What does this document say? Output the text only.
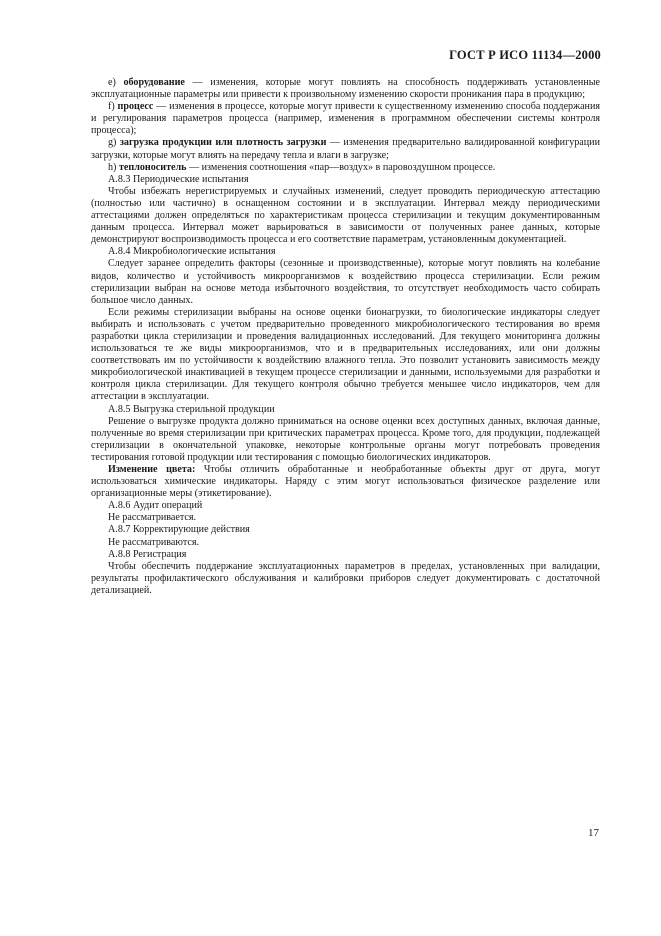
ГОСТ Р ИСО 11134—2000

е) оборудование — изменения, которые могут повлиять на способность поддерживать установленные эксплуатационные параметры или привести к произвольному изменению скорости проникания пара в продукцию;

f) процесс — изменения в процессе, которые могут привести к существенному изменению способа поддержания и регулирования параметров процесса (например, изменения в программном обеспечении системы контроля процесса);

g) загрузка продукции или плотность загрузки — изменения предварительно валидированной конфигурации загрузки, которые могут влиять на передачу тепла и влаги в загрузке;

h) теплоноситель — изменения соотношения «пар—воздух» в паровоздушном процессе.

А.8.3 Периодические испытания

Чтобы избежать нерегистрируемых и случайных изменений, следует проводить периодическую аттестацию (полностью или частично) в оснащенном состоянии и в эксплуатации. Интервал между периодическими аттестациями должен определяться по характеристикам процесса стерилизации и текущим документированным данным процесса. Интервал может варьироваться в зависимости от полученных ранее данных, которые демонстрируют воспроизводимость процесса и его соответствие параметрам, установленным документацией.

А.8.4 Микробиологические испытания

Следует заранее определить факторы (сезонные и производственные), которые могут повлиять на колебание видов, количество и устойчивость микроорганизмов к воздействию процесса стерилизации. Если режим стерилизации выбран на основе метода избыточного воздействия, то отсутствует необходимость часто собирать большое число данных.

Если режимы стерилизации выбраны на основе оценки бионагрузки, то биологические индикаторы следует выбирать и использовать с учетом предварительно проведенного микробиологического тестирования во время разработки цикла стерилизации и проведения валидационных исследований. Для текущего мониторинга должны использоваться те же виды микроорганизмов, что и в предварительных исследованиях, или они должны соответствовать им по устойчивости к воздействию влажного тепла. Это позволит установить зависимость между микробиологической инактивацией в текущем процессе стерилизации и данными, используемыми для разработки и контроля цикла стерилизации. Для текущего контроля обычно требуется меньшее число индикаторов, чем для аттестации в эксплуатации.

А.8.5 Выгрузка стерильной продукции

Решение о выгрузке продукта должно приниматься на основе оценки всех доступных данных, включая данные, полученные во время стерилизации при критических параметрах процесса. Кроме того, для продукции, подлежащей стерилизации в окончательной упаковке, некоторые контрольные органы могут потребовать проведения тестирования готовой продукции или тестирования с помощью биологических индикаторов.

Изменение цвета: Чтобы отличить обработанные и необработанные объекты друг от друга, могут использоваться химические индикаторы. Наряду с этим могут использоваться физическое разделение или организационные меры (этикетирование).

А.8.6 Аудит операций

Не рассматривается.

А.8.7 Корректирующие действия

Не рассматриваются.

А.8.8 Регистрация

Чтобы обеспечить поддержание эксплуатационных параметров в пределах, установленных при валидации, результаты профилактического обслуживания и калибровки приборов следует документировать с достаточной детализацией.

17
